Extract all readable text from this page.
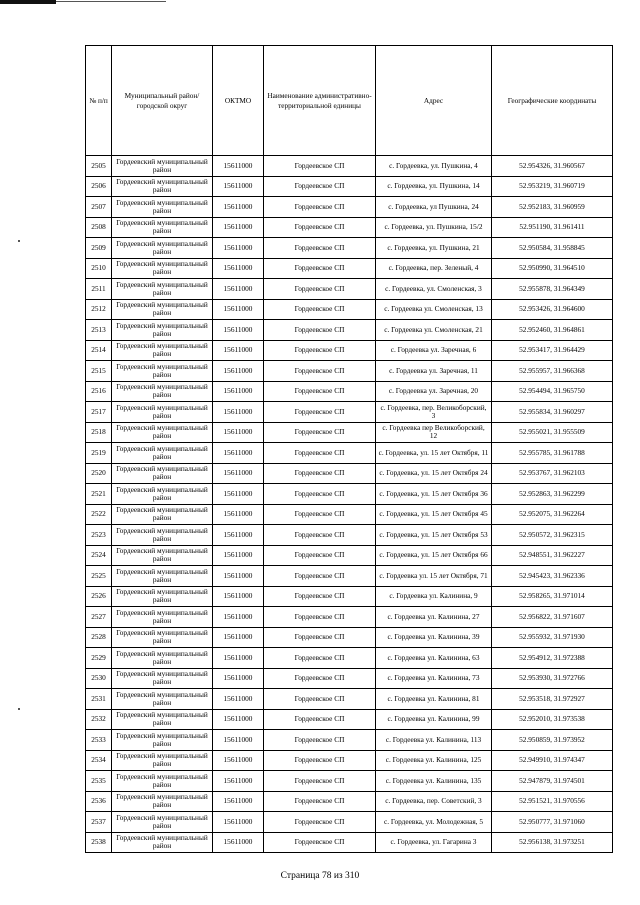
№ п/п	Муниципальный район/городской округ	ОКТМО	Наименование административно-территориальной единицы	Адрес	Географические координаты
2505	Гордеевский муниципальный район	15611000	Гордеевское СП	с. Гордеевка, ул. Пушкина, 4	52.954326, 31.960567
2506	Гордеевский муниципальный район	15611000	Гордеевское СП	с. Гордеевка, ул. Пушкина, 14	52.953219, 31.960719
2507	Гордеевский муниципальный район	15611000	Гордеевское СП	с. Гордеевка, ул Пушкина, 24	52.952183, 31.960959
2508	Гордеевский муниципальный район	15611000	Гордеевское СП	с. Гордеевка, ул. Пушкина, 15/2	52.951190, 31.961411
2509	Гордеевский муниципальный район	15611000	Гордеевское СП	с. Гордеевка, ул. Пушкина, 21	52.950584, 31.958845
2510	Гордеевский муниципальный район	15611000	Гордеевское СП	с. Гордеевка, пер. Зеленый, 4	52.950990, 31.964510
2511	Гордеевский муниципальный район	15611000	Гордеевское СП	с. Гордеевка, ул. Смоленская, 3	52.955878, 31.964349
2512	Гордеевский муниципальный район	15611000	Гордеевское СП	с. Гордеевка ул. Смоленская, 13	52.953426, 31.964600
2513	Гордеевский муниципальный район	15611000	Гордеевское СП	с. Гордеевка ул. Смоленская, 21	52.952460, 31.964861
2514	Гордеевский муниципальный район	15611000	Гордеевское СП	с. Гордеевка ул. Заречная, 6	52.953417, 31.964429
2515	Гордеевский муниципальный район	15611000	Гордеевское СП	с. Гордеевка ул. Заречная, 11	52.955957, 31.966368
2516	Гордеевский муниципальный район	15611000	Гордеевское СП	с. Гордеевка ул. Заречная, 20	52.954494, 31.965750
2517	Гордеевский муниципальный район	15611000	Гордеевское СП	с. Гордеевка, пер. Великоборский, 3	52.955834, 31.960297
2518	Гордеевский муниципальный район	15611000	Гордеевское СП	с. Гордеевка пер Великоборский, 12	52.955021, 31.955509
2519	Гордеевский муниципальный район	15611000	Гордеевское СП	с. Гордеевка, ул. 15 лет Октября, 11	52.955785, 31.961788
2520	Гордеевский муниципальный район	15611000	Гордеевское СП	с. Гордеевка, ул. 15 лет Октября 24	52.953767, 31.962103
2521	Гордеевский муниципальный район	15611000	Гордеевское СП	с. Гордеевка, ул. 15 лет Октября 36	52.952863, 31.962299
2522	Гордеевский муниципальный район	15611000	Гордеевское СП	с. Гордеевка, ул. 15 лет Октября 45	52.952075, 31.962264
2523	Гордеевский муниципальный район	15611000	Гордеевское СП	с. Гордеевка, ул. 15 лет Октября 53	52.950572, 31.962315
2524	Гордеевский муниципальный район	15611000	Гордеевское СП	с. Гордеевка, ул. 15 лет Октября 66	52.948551, 31.962227
2525	Гордеевский муниципальный район	15611000	Гордеевское СП	с. Гордеевка ул. 15 лет Октября, 71	52.945423, 31.962336
2526	Гордеевский муниципальный район	15611000	Гордеевское СП	с. Гордеевка ул. Калинина, 9	52.958265, 31.971014
2527	Гордеевский муниципальный район	15611000	Гордеевское СП	с. Гордеевка ул. Калинина, 27	52.956822, 31.971607
2528	Гордеевский муниципальный район	15611000	Гордеевское СП	с. Гордеевка ул. Калинина, 39	52.955932, 31.971930
2529	Гордеевский муниципальный район	15611000	Гордеевское СП	с. Гордеевка ул. Калинина, 63	52.954912, 31.972388
2530	Гордеевский муниципальный район	15611000	Гордеевское СП	с. Гордеевка ул. Калинина, 73	52.953930, 31.972766
2531	Гордеевский муниципальный район	15611000	Гордеевское СП	с. Гордеевка ул. Калинина, 81	52.953518, 31.972927
2532	Гордеевский муниципальный район	15611000	Гордеевское СП	с. Гордеевка ул. Калинина, 99	52.952010, 31.973538
2533	Гордеевский муниципальный район	15611000	Гордеевское СП	с. Гордеевка ул. Калинина, 113	52.950859, 31.973952
2534	Гордеевский муниципальный район	15611000	Гордеевское СП	с. Гордеевка ул. Калинина, 125	52.949910, 31.974347
2535	Гордеевский муниципальный район	15611000	Гордеевское СП	с. Гордеевка ул. Калинина, 135	52.947879, 31.974501
2536	Гордеевский муниципальный район	15611000	Гордеевское СП	с. Гордеевка, пер. Советский, 3	52.951521, 31.970556
2537	Гордеевский муниципальный район	15611000	Гордеевское СП	с. Гордеевка, ул. Молодежная, 5	52.950777, 31.971060
2538	Гордеевский муниципальный район	15611000	Гордеевское СП	с. Гордеевка, ул. Гагарина 3	52.956138, 31.973251
Страница 78 из 310
